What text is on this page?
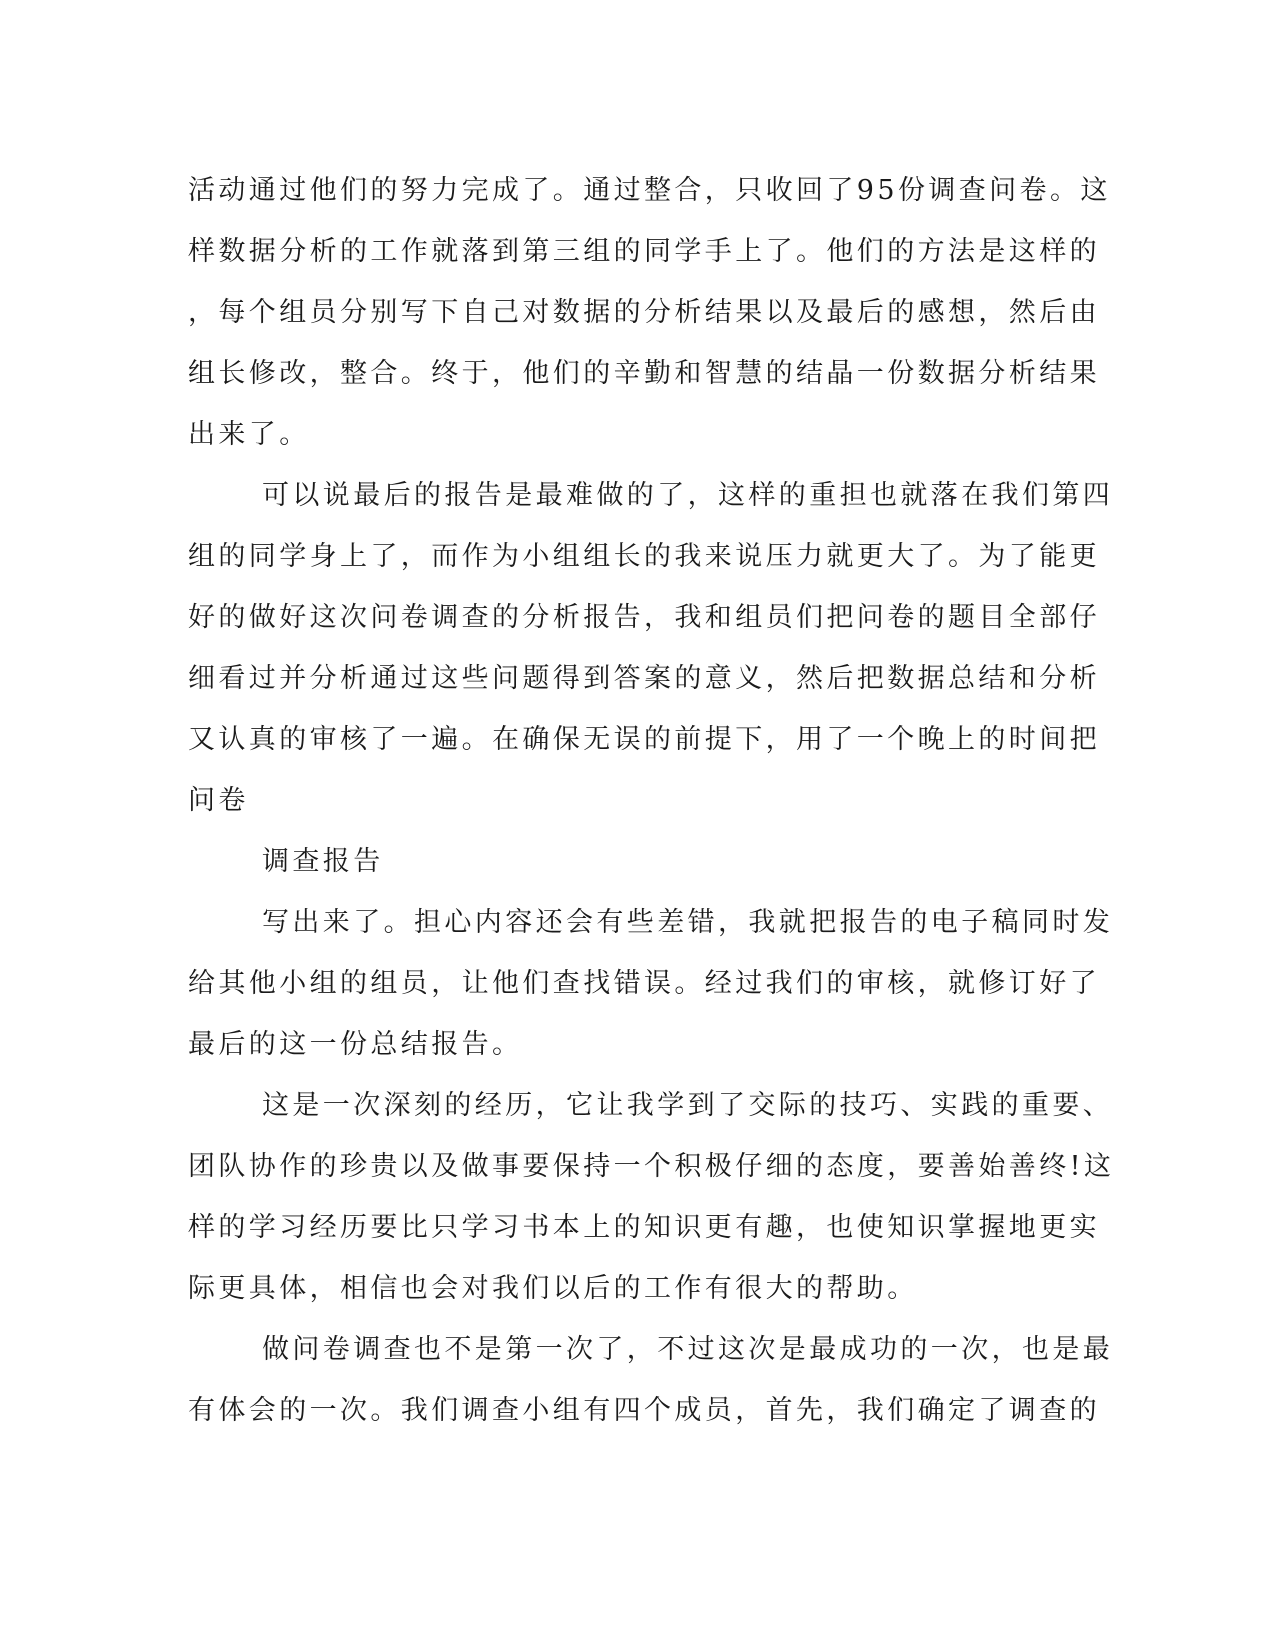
活动通过他们的努力完成了。通过整合，只收回了95份调查问卷。这
样数据分析的工作就落到第三组的同学手上了。他们的方法是这样的
，每个组员分别写下自己对数据的分析结果以及最后的感想，然后由
组长修改，整合。终于，他们的辛勤和智慧的结晶一份数据分析结果
出来了。
可以说最后的报告是最难做的了，这样的重担也就落在我们第四
组的同学身上了，而作为小组组长的我来说压力就更大了。为了能更
好的做好这次问卷调查的分析报告，我和组员们把问卷的题目全部仔
细看过并分析通过这些问题得到答案的意义，然后把数据总结和分析
又认真的审核了一遍。在确保无误的前提下，用了一个晚上的时间把
问卷
调查报告
写出来了。担心内容还会有些差错，我就把报告的电子稿同时发
给其他小组的组员，让他们查找错误。经过我们的审核，就修订好了
最后的这一份总结报告。
这是一次深刻的经历，它让我学到了交际的技巧、实践的重要、
团队协作的珍贵以及做事要保持一个积极仔细的态度，要善始善终!这
样的学习经历要比只学习书本上的知识更有趣，也使知识掌握地更实
际更具体，相信也会对我们以后的工作有很大的帮助。
做问卷调查也不是第一次了，不过这次是最成功的一次，也是最
有体会的一次。我们调查小组有四个成员，首先，我们确定了调查的
